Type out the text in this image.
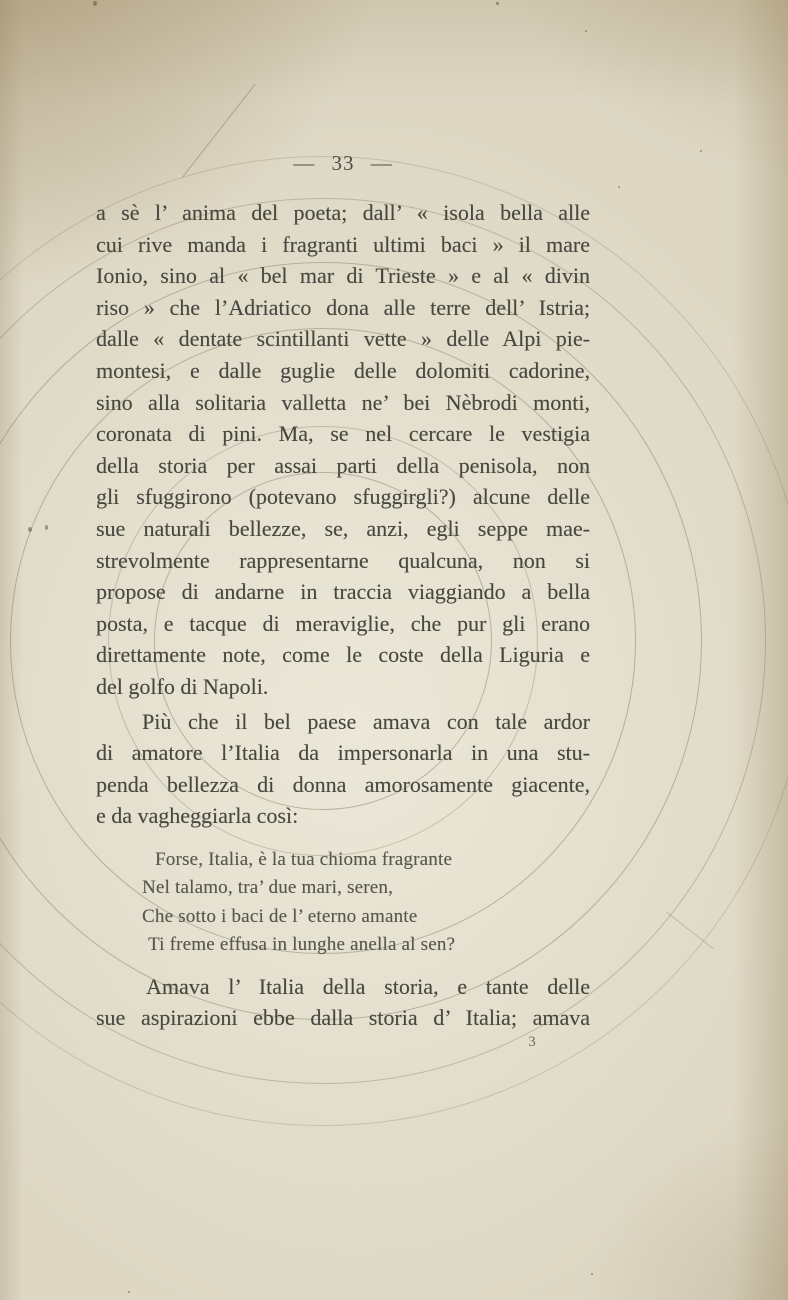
— 33 —
a sè l’ anima del poeta; dall’ « isola bella alle
cui rive manda i fragranti ultimi baci » il mare
Ionio, sino al « bel mar di Trieste » e al « divin
riso » che l’Adriatico dona alle terre dell’ Istria;
dalle « dentate scintillanti vette » delle Alpi pie-
montesi, e dalle guglie delle dolomiti cadorine,
sino alla solitaria valletta ne’ bei Nèbrodi monti,
coronata di pini. Ma, se nel cercare le vestigia
della storia per assai parti della penisola, non
gli sfuggirono (potevano sfuggirgli?) alcune delle
sue naturali bellezze, se, anzi, egli seppe mae-
strevolmente rappresentarne qualcuna, non si
propose di andarne in traccia viaggiando a bella
posta, e tacque di meraviglie, che pur gli erano
direttamente note, come le coste della Liguria e
del golfo di Napoli.
Più che il bel paese amava con tale ardor
di amatore l’Italia da impersonarla in una stu-
penda bellezza di donna amorosamente giacente,
e da vagheggiarla così:
Forse, Italia, è la tua chioma fragrante
Nel talamo, tra’ due mari, seren,
Che sotto i baci de l’ eterno amante
Ti freme effusa in lunghe anella al sen?
Amava l’ Italia della storia, e tante delle
sue aspirazioni ebbe dalla storia d’ Italia; amava
3
